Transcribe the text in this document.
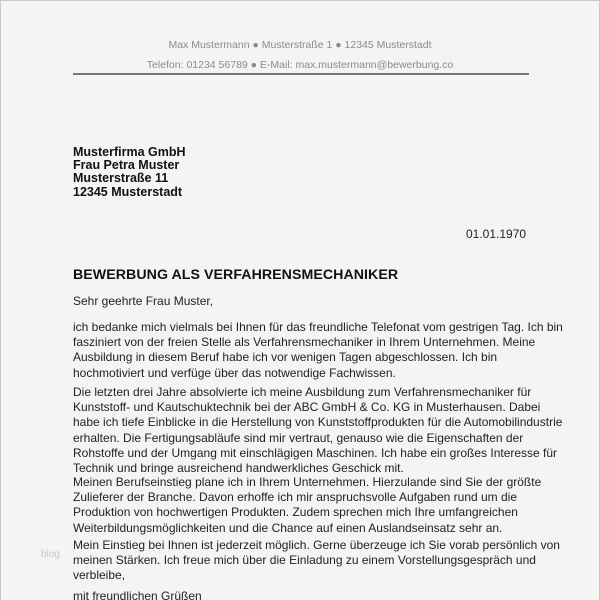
Max Mustermann ● Musterstraße 1 ● 12345 Musterstadt
Telefon: 01234 56789 ● E-Mail: max.mustermann@bewerbung.co
Musterfirma GmbH
Frau Petra Muster
Musterstraße 11
12345 Musterstadt
01.01.1970
BEWERBUNG ALS VERFAHRENSMECHANIKER
Sehr geehrte Frau Muster,
ich bedanke mich vielmals bei Ihnen für das freundliche Telefonat vom gestrigen Tag. Ich bin
fasziniert von der freien Stelle als Verfahrensmechaniker in Ihrem Unternehmen. Meine
Ausbildung in diesem Beruf habe ich vor wenigen Tagen abgeschlossen. Ich bin
hochmotiviert und verfüge über das notwendige Fachwissen.
Die letzten drei Jahre absolvierte ich meine Ausbildung zum Verfahrensmechaniker für
Kunststoff- und Kautschuktechnik bei der ABC GmbH & Co. KG in Musterhausen. Dabei
habe ich tiefe Einblicke in die Herstellung von Kunststoffprodukten für die Automobilindustrie
erhalten. Die Fertigungsabläufe sind mir vertraut, genauso wie die Eigenschaften der
Rohstoffe und der Umgang mit einschlägigen Maschinen. Ich habe ein großes Interesse für
Technik und bringe ausreichend handwerkliches Geschick mit.
Meinen Berufseinstieg plane ich in Ihrem Unternehmen. Hierzulande sind Sie der größte
Zulieferer der Branche. Davon erhoffe ich mir anspruchsvolle Aufgaben rund um die
Produktion von hochwertigen Produkten. Zudem sprechen mich Ihre umfangreichen
Weiterbildungsmöglichkeiten und die Chance auf einen Auslandseinsatz sehr an.
Mein Einstieg bei Ihnen ist jederzeit möglich. Gerne überzeuge ich Sie vorab persönlich von
meinen Stärken. Ich freue mich über die Einladung zu einem Vorstellungsgespräch und
verbleibe,
mit freundlichen Grüßen
blog
